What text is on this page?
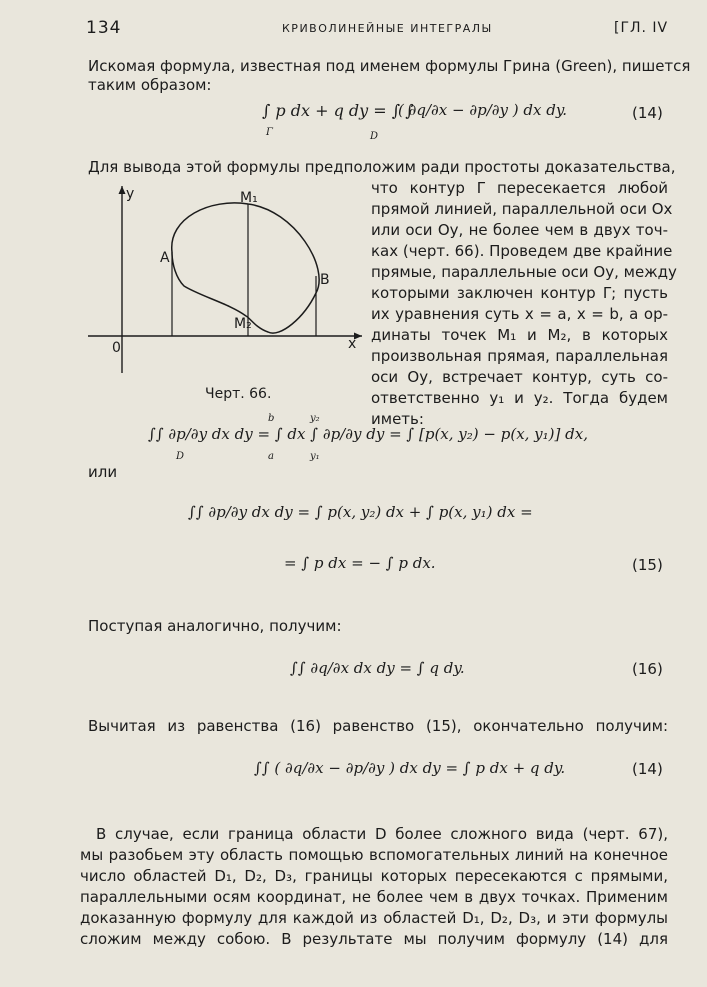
134	КРИВОЛИНЕЙНЫЕ ИНТЕГРАЛЫ	[ГЛ. IV
Искомая формула, известная под именем формулы Грина (Green), пишется
таким образом:
∫ p dx + q dy = ∫ ∫
( ∂q/∂x − ∂p/∂y ) dx dy.
Γ	D
(14)
Для вывода этой формулы предположим ради простоты доказательства,
что контур Γ пересекается любой
прямой линией, параллельной оси Ox
или оси Oy, не более чем в двух точ-
ках (черт. 66). Проведем две крайние
прямые, параллельные оси Oy, между
которыми заключен контур Γ; пусть
их уравнения суть x = a, x = b, а ор-
динаты точек M₁ и M₂, в которых
произвольная прямая, параллельная
оси Oy, встречает контур, суть со-
ответственно y₁ и y₂. Тогда будем
иметь:
y
x
0
A
B
M₁
M₂
Черт. 66.
∫∫ ∂p/∂y dx dy = ∫ dx ∫ ∂p/∂y dy = ∫ [p(x, y₂) − p(x, y₁)] dx,
D
b
a
y₂
y₁
или
∫∫ ∂p/∂y dx dy = ∫ p(x, y₂) dx + ∫ p(x, y₁) dx =
= ∫ p dx = − ∫ p dx.	(15)
Поступая аналогично, получим:
∫∫ ∂q/∂x dx dy = ∫ q dy.	(16)
Вычитая из равенства (16) равенство (15), окончательно получим:
∫∫ ( ∂q/∂x − ∂p/∂y ) dx dy = ∫ p dx + q dy.	(14)
В случае, если граница области D более сложного вида (черт. 67),
мы разобьем эту область помощью вспомогательных линий на конечное
число областей D₁, D₂, D₃, границы которых пересекаются с прямыми,
параллельными осям координат, не более чем в двух точках. Применим
доказанную формулу для каждой из областей D₁, D₂, D₃, и эти формулы
сложим между собою. В результате мы получим формулу (14) для
